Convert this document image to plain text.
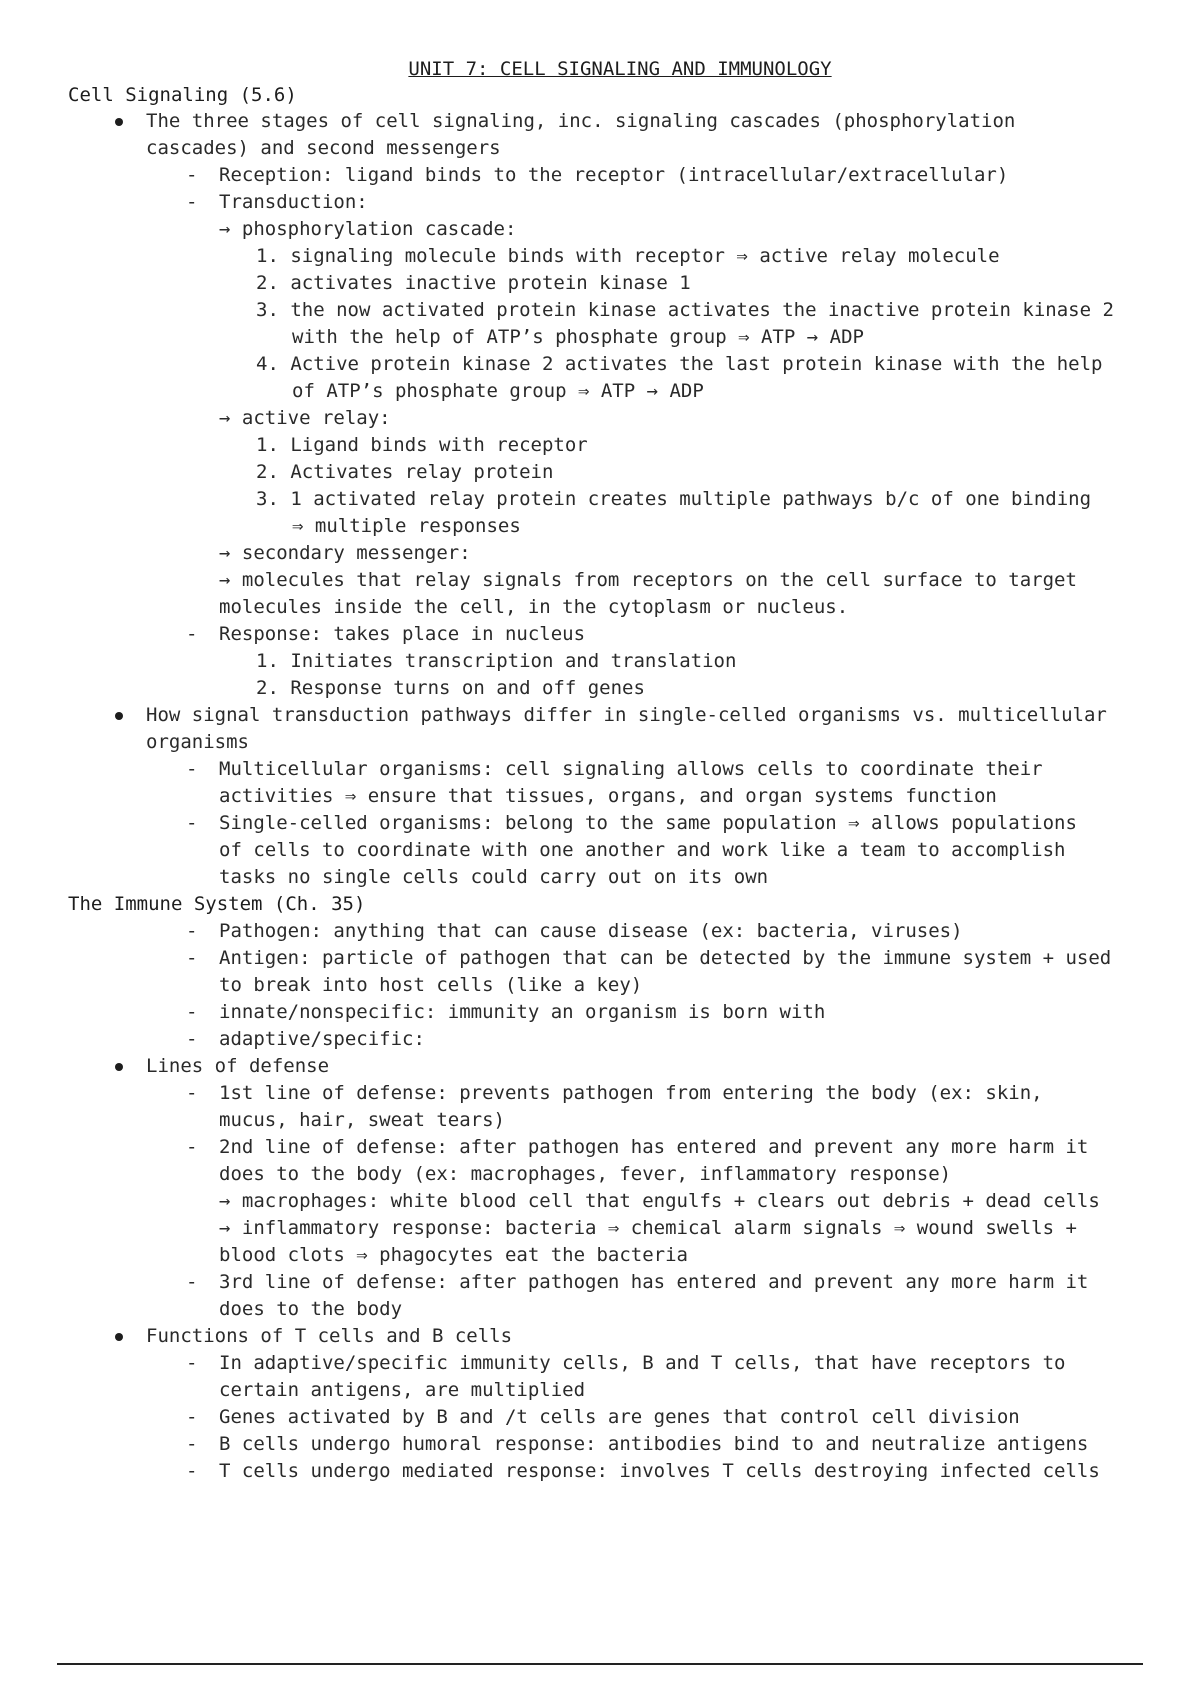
UNIT 7: CELL SIGNALING AND IMMUNOLOGY
Cell Signaling (5.6)
The three stages of cell signaling, inc. signaling cascades (phosphorylation
cascades) and second messengers
- Reception: ligand binds to the receptor (intracellular/extracellular)
- Transduction:
→ phosphorylation cascade:
1. signaling molecule binds with receptor ⇒ active relay molecule
2. activates inactive protein kinase 1
3. the now activated protein kinase activates the inactive protein kinase 2
with the help of ATP’s phosphate group ⇒ ATP → ADP
4. Active protein kinase 2 activates the last protein kinase with the help
of ATP’s phosphate group ⇒ ATP → ADP
→ active relay:
1. Ligand binds with receptor
2. Activates relay protein
3. 1 activated relay protein creates multiple pathways b/c of one binding
⇒ multiple responses
→ secondary messenger:
→ molecules that relay signals from receptors on the cell surface to target
molecules inside the cell, in the cytoplasm or nucleus.
- Response: takes place in nucleus
1. Initiates transcription and translation
2. Response turns on and off genes
How signal transduction pathways differ in single-celled organisms vs. multicellular
organisms
- Multicellular organisms: cell signaling allows cells to coordinate their
activities ⇒ ensure that tissues, organs, and organ systems function
- Single-celled organisms: belong to the same population ⇒ allows populations
of cells to coordinate with one another and work like a team to accomplish
tasks no single cells could carry out on its own
The Immune System (Ch. 35)
- Pathogen: anything that can cause disease (ex: bacteria, viruses)
- Antigen: particle of pathogen that can be detected by the immune system + used
to break into host cells (like a key)
- innate/nonspecific: immunity an organism is born with
- adaptive/specific:
Lines of defense
- 1st line of defense: prevents pathogen from entering the body (ex: skin,
mucus, hair, sweat tears)
- 2nd line of defense: after pathogen has entered and prevent any more harm it
does to the body (ex: macrophages, fever, inflammatory response)
→ macrophages: white blood cell that engulfs + clears out debris + dead cells
→ inflammatory response: bacteria ⇒ chemical alarm signals ⇒ wound swells +
blood clots ⇒ phagocytes eat the bacteria
- 3rd line of defense: after pathogen has entered and prevent any more harm it
does to the body
Functions of T cells and B cells
- In adaptive/specific immunity cells, B and T cells, that have receptors to
certain antigens, are multiplied
- Genes activated by B and /t cells are genes that control cell division
- B cells undergo humoral response: antibodies bind to and neutralize antigens
- T cells undergo mediated response: involves T cells destroying infected cells
